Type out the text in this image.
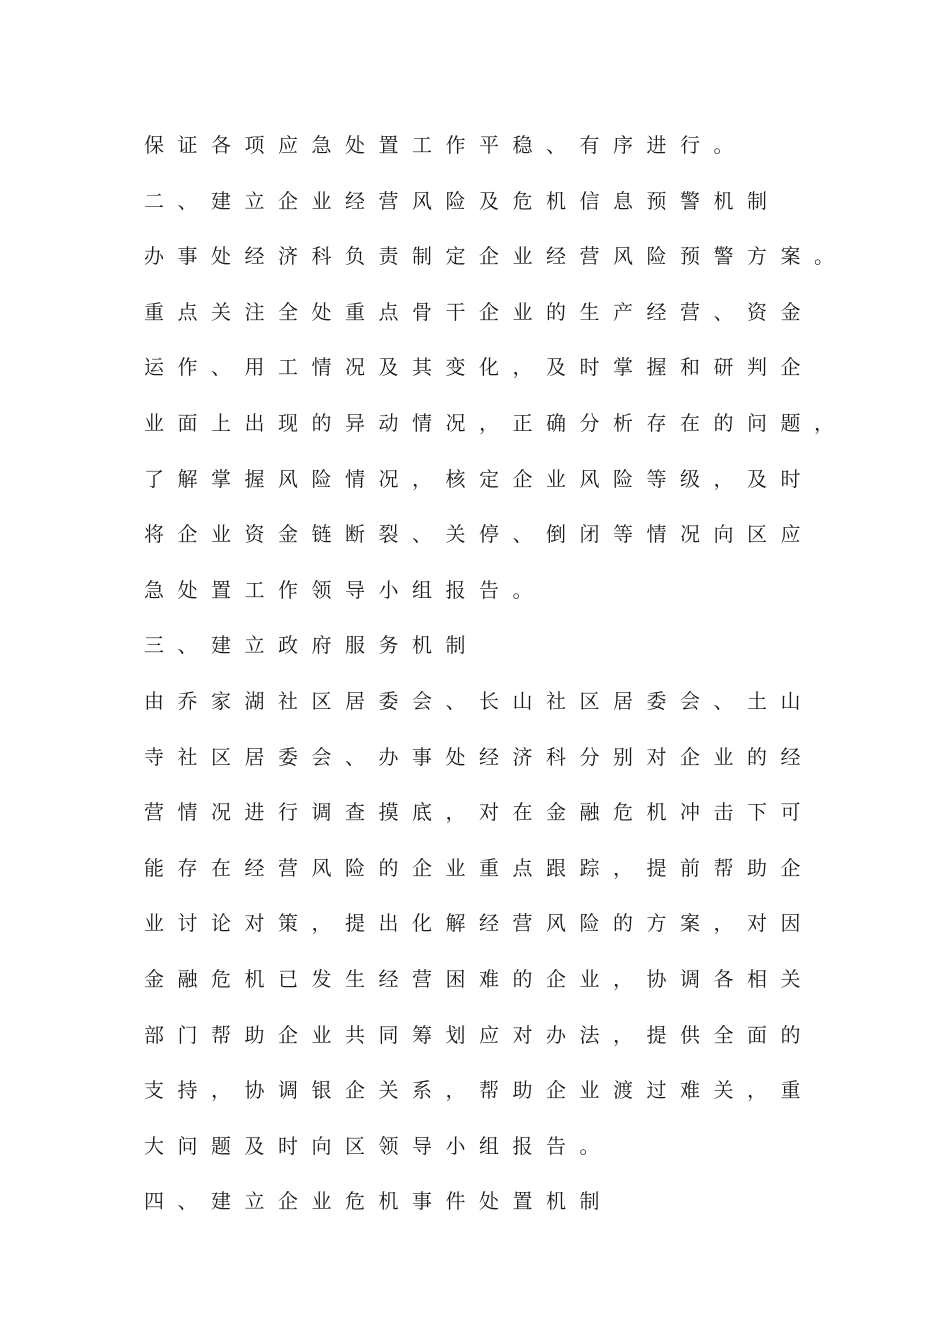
保证各项应急处置工作平稳、有序进行。
二、建立企业经营风险及危机信息预警机制
办事处经济科负责制定企业经营风险预警方案。
重点关注全处重点骨干企业的生产经营、资金
运作、用工情况及其变化，及时掌握和研判企
业面上出现的异动情况，正确分析存在的问题，
了解掌握风险情况，核定企业风险等级，及时
将企业资金链断裂、关停、倒闭等情况向区应
急处置工作领导小组报告。
三、建立政府服务机制
由乔家湖社区居委会、长山社区居委会、土山
寺社区居委会、办事处经济科分别对企业的经
营情况进行调查摸底，对在金融危机冲击下可
能存在经营风险的企业重点跟踪，提前帮助企
业讨论对策，提出化解经营风险的方案，对因
金融危机已发生经营困难的企业，协调各相关
部门帮助企业共同筹划应对办法，提供全面的
支持，协调银企关系，帮助企业渡过难关，重
大问题及时向区领导小组报告。
四、建立企业危机事件处置机制
